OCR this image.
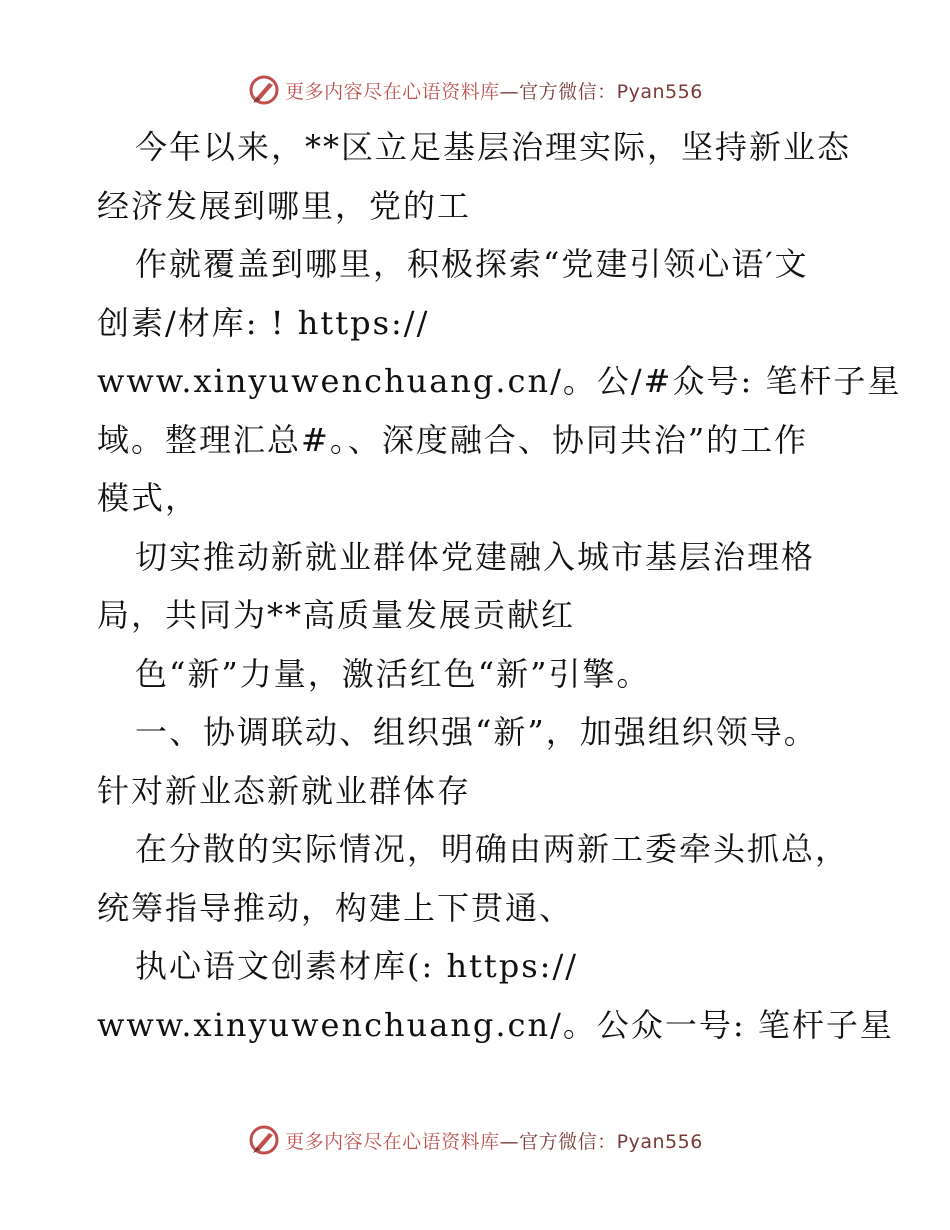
更多内容尽在心语资料库—官方微信：Pyan556
今年以来，**区立足基层治理实际，坚持新业态
经济发展到哪里，党的工
作就覆盖到哪里，积极探索“党建引领心语′文
创素/材库: ! https://
www.xinyuwenchuang.cn/。公/#众号: 笔杆子星
域。整理汇总#。、深度融合、协同共治”的工作
模式，
切实推动新就业群体党建融入城市基层治理格
局，共同为**高质量发展贡献红
色“新”力量，激活红色“新”引擎。
一、协调联动、组织强“新”，加强组织领导。
针对新业态新就业群体存
在分散的实际情况，明确由两新工委牵头抓总，
统筹指导推动，构建上下贯通、
执心语文创素材库(: https://
www.xinyuwenchuang.cn/。公众一号: 笔杆子星
更多内容尽在心语资料库—官方微信：Pyan556
